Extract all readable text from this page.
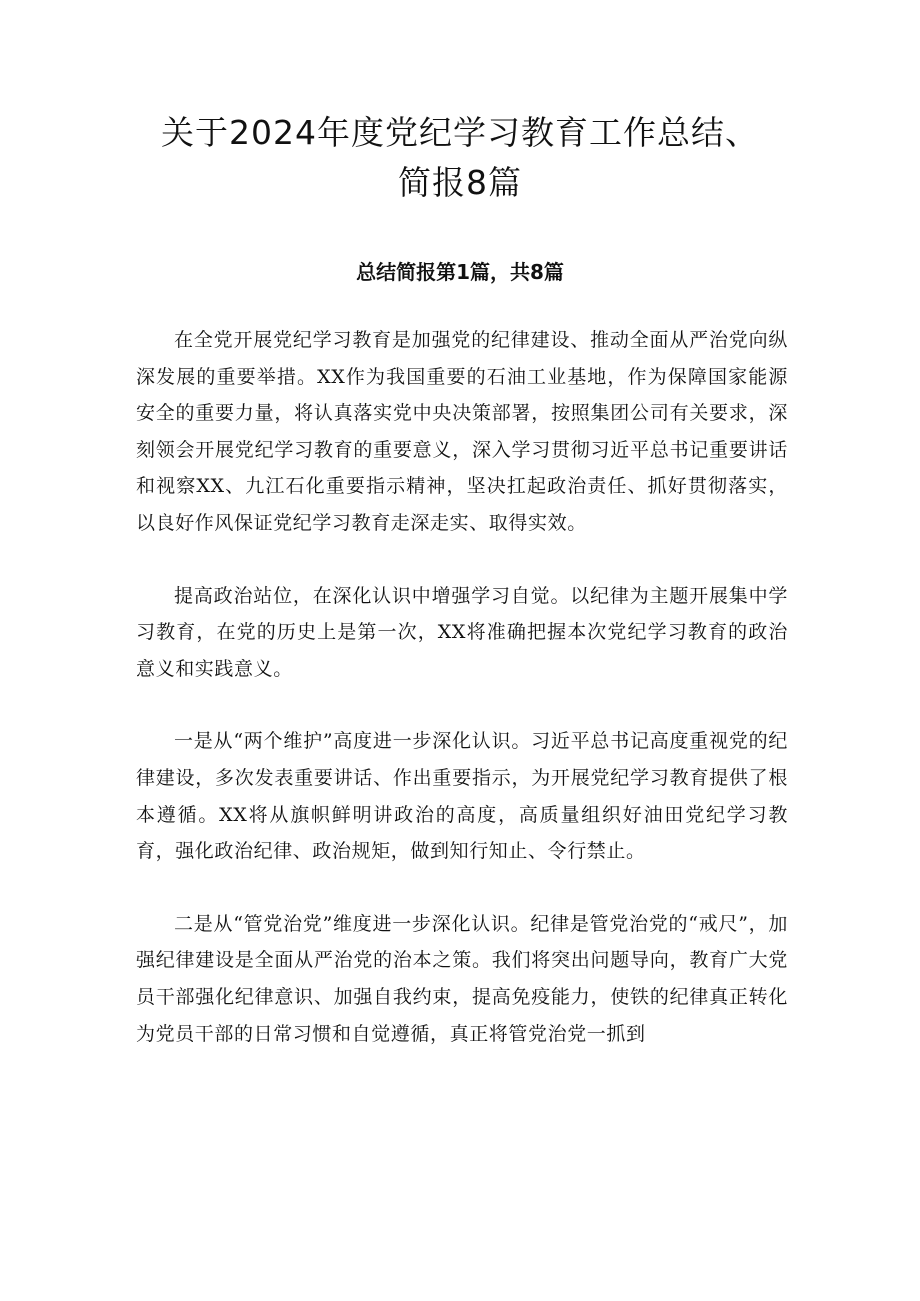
关于2024年度党纪学习教育工作总结、简报8篇
总结简报第1篇，共8篇

在全党开展党纪学习教育是加强党的纪律建设、推动全面从严治党向纵深发展的重要举措。XX作为我国重要的石油工业基地，作为保障国家能源安全的重要力量，将认真落实党中央决策部署，按照集团公司有关要求，深刻领会开展党纪学习教育的重要意义，深入学习贯彻习近平总书记重要讲话和视察XX、九江石化重要指示精神，坚决扛起政治责任、抓好贯彻落实，以良好作风保证党纪学习教育走深走实、取得实效。

提高政治站位，在深化认识中增强学习自觉。以纪律为主题开展集中学习教育，在党的历史上是第一次，XX将准确把握本次党纪学习教育的政治意义和实践意义。

一是从“两个维护”高度进一步深化认识。习近平总书记高度重视党的纪律建设，多次发表重要讲话、作出重要指示，为开展党纪学习教育提供了根本遵循。XX将从旗帜鲜明讲政治的高度，高质量组织好油田党纪学习教育，强化政治纪律、政治规矩，做到知行知止、令行禁止。

二是从“管党治党”维度进一步深化认识。纪律是管党治党的“戒尺”，加强纪律建设是全面从严治党的治本之策。我们将突出问题导向，教育广大党员干部强化纪律意识、加强自我约束，提高免疫能力，使铁的纪律真正转化为党员干部的日常习惯和自觉遵循，真正将管党治党一抓到
